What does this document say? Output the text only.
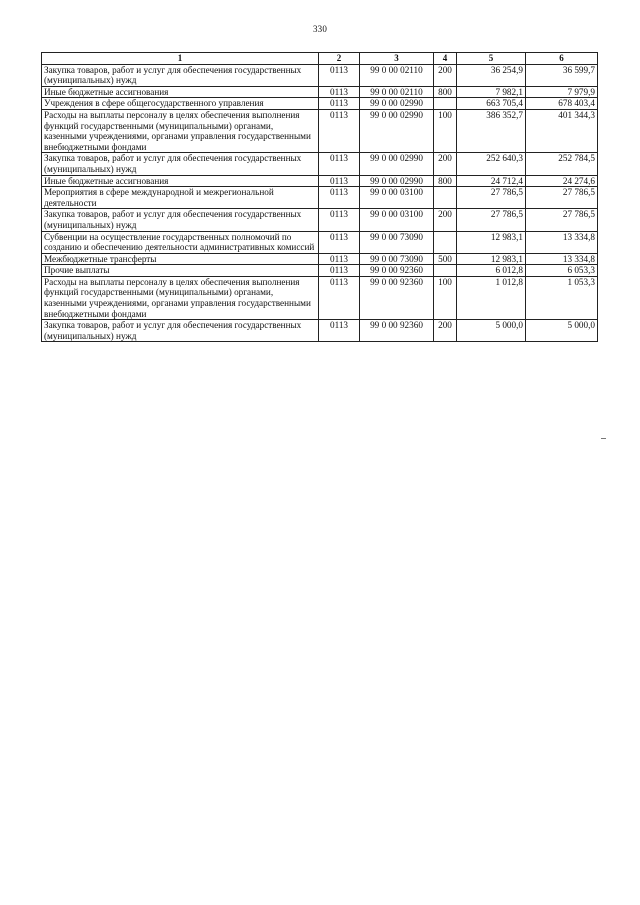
330
1	2	3	4	5	6
Закупка товаров, работ и услуг для обеспечения государственных (муниципальных) нужд	0113	99 0 00 02110	200	36 254,9	36 599,7
Иные бюджетные ассигнования	0113	99 0 00 02110	800	7 982,1	7 979,9
Учреждения в сфере общегосударственного управления	0113	99 0 00 02990		663 705,4	678 403,4
Расходы на выплаты персоналу в целях обеспечения выполнения функций государственными (муниципальными) органами, казенными учреждениями, органами управления государственными внебюджетными фондами	0113	99 0 00 02990	100	386 352,7	401 344,3
Закупка товаров, работ и услуг для обеспечения государственных (муниципальных) нужд	0113	99 0 00 02990	200	252 640,3	252 784,5
Иные бюджетные ассигнования	0113	99 0 00 02990	800	24 712,4	24 274,6
Мероприятия в сфере международной и межрегиональной деятельности	0113	99 0 00 03100		27 786,5	27 786,5
Закупка товаров, работ и услуг для обеспечения государственных (муниципальных) нужд	0113	99 0 00 03100	200	27 786,5	27 786,5
Субвенции на осуществление государственных полномочий по созданию и обеспечению деятельности административных комиссий	0113	99 0 00 73090		12 983,1	13 334,8
Межбюджетные трансферты	0113	99 0 00 73090	500	12 983,1	13 334,8
Прочие выплаты	0113	99 0 00 92360		6 012,8	6 053,3
Расходы на выплаты персоналу в целях обеспечения выполнения функций государственными (муниципальными) органами, казенными учреждениями, органами управления государственными внебюджетными фондами	0113	99 0 00 92360	100	1 012,8	1 053,3
Закупка товаров, работ и услуг для обеспечения государственных (муниципальных) нужд	0113	99 0 00 92360	200	5 000,0	5 000,0
